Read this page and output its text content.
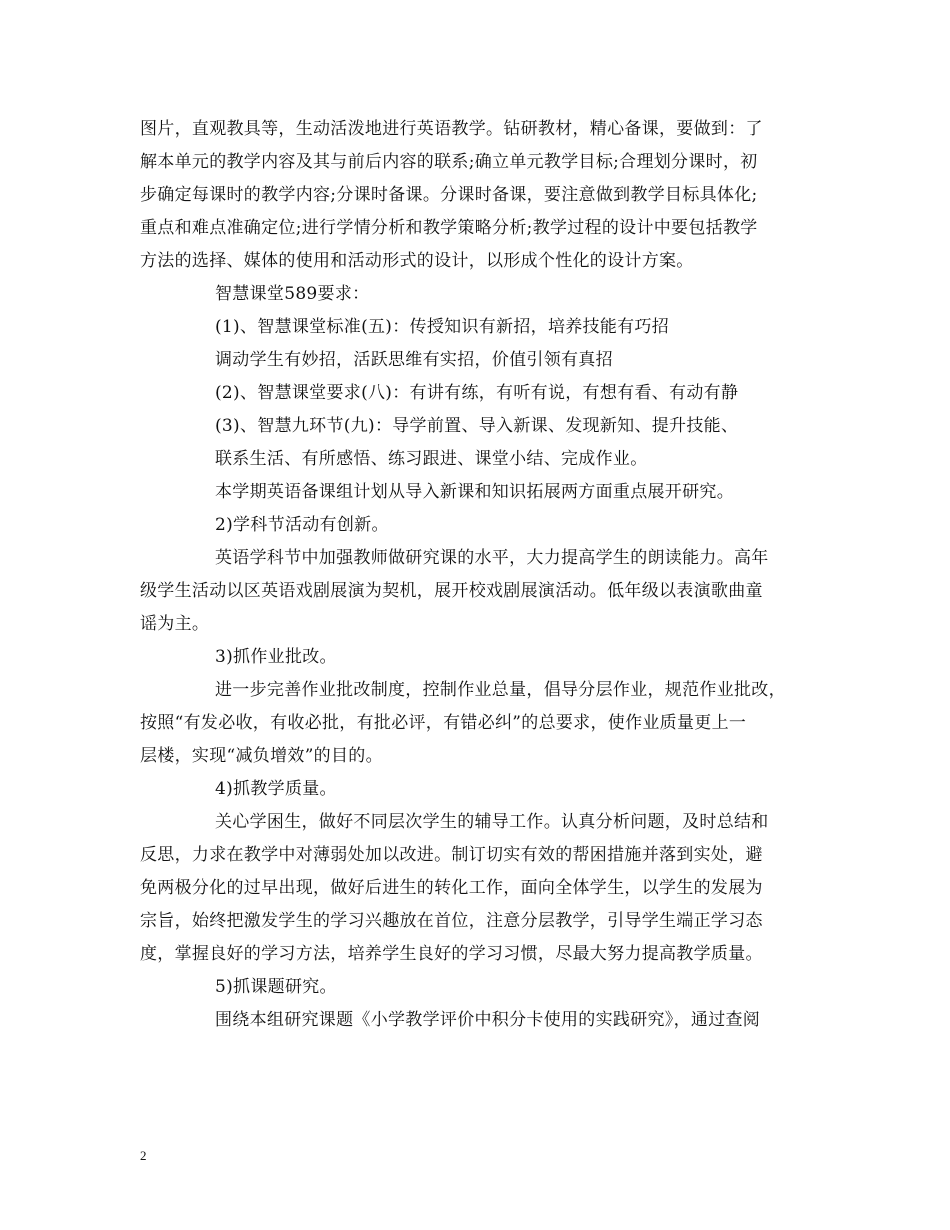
图片，直观教具等，生动活泼地进行英语教学。钻研教材，精心备课，要做到：了
解本单元的教学内容及其与前后内容的联系;确立单元教学目标;合理划分课时，初
步确定每课时的教学内容;分课时备课。分课时备课，要注意做到教学目标具体化;
重点和难点准确定位;进行学情分析和教学策略分析;教学过程的设计中要包括教学
方法的选择、媒体的使用和活动形式的设计，以形成个性化的设计方案。
智慧课堂589要求：
(1)、智慧课堂标准(五)：传授知识有新招，培养技能有巧招
调动学生有妙招，活跃思维有实招，价值引领有真招
(2)、智慧课堂要求(八)：有讲有练，有听有说，有想有看、有动有静
(3)、智慧九环节(九)：导学前置、导入新课、发现新知、提升技能、
联系生活、有所感悟、练习跟进、课堂小结、完成作业。
本学期英语备课组计划从导入新课和知识拓展两方面重点展开研究。
2)学科节活动有创新。
英语学科节中加强教师做研究课的水平，大力提高学生的朗读能力。高年
级学生活动以区英语戏剧展演为契机，展开校戏剧展演活动。低年级以表演歌曲童
谣为主。
3)抓作业批改。
进一步完善作业批改制度，控制作业总量，倡导分层作业，规范作业批改，
按照“有发必收，有收必批，有批必评，有错必纠”的总要求，使作业质量更上一
层楼，实现“减负增效”的目的。
4)抓教学质量。
关心学困生，做好不同层次学生的辅导工作。认真分析问题，及时总结和
反思，力求在教学中对薄弱处加以改进。制订切实有效的帮困措施并落到实处，避
免两极分化的过早出现，做好后进生的转化工作，面向全体学生，以学生的发展为
宗旨，始终把激发学生的学习兴趣放在首位，注意分层教学，引导学生端正学习态
度，掌握良好的学习方法，培养学生良好的学习习惯，尽最大努力提高教学质量。
5)抓课题研究。
围绕本组研究课题《小学教学评价中积分卡使用的实践研究》，通过查阅
2
